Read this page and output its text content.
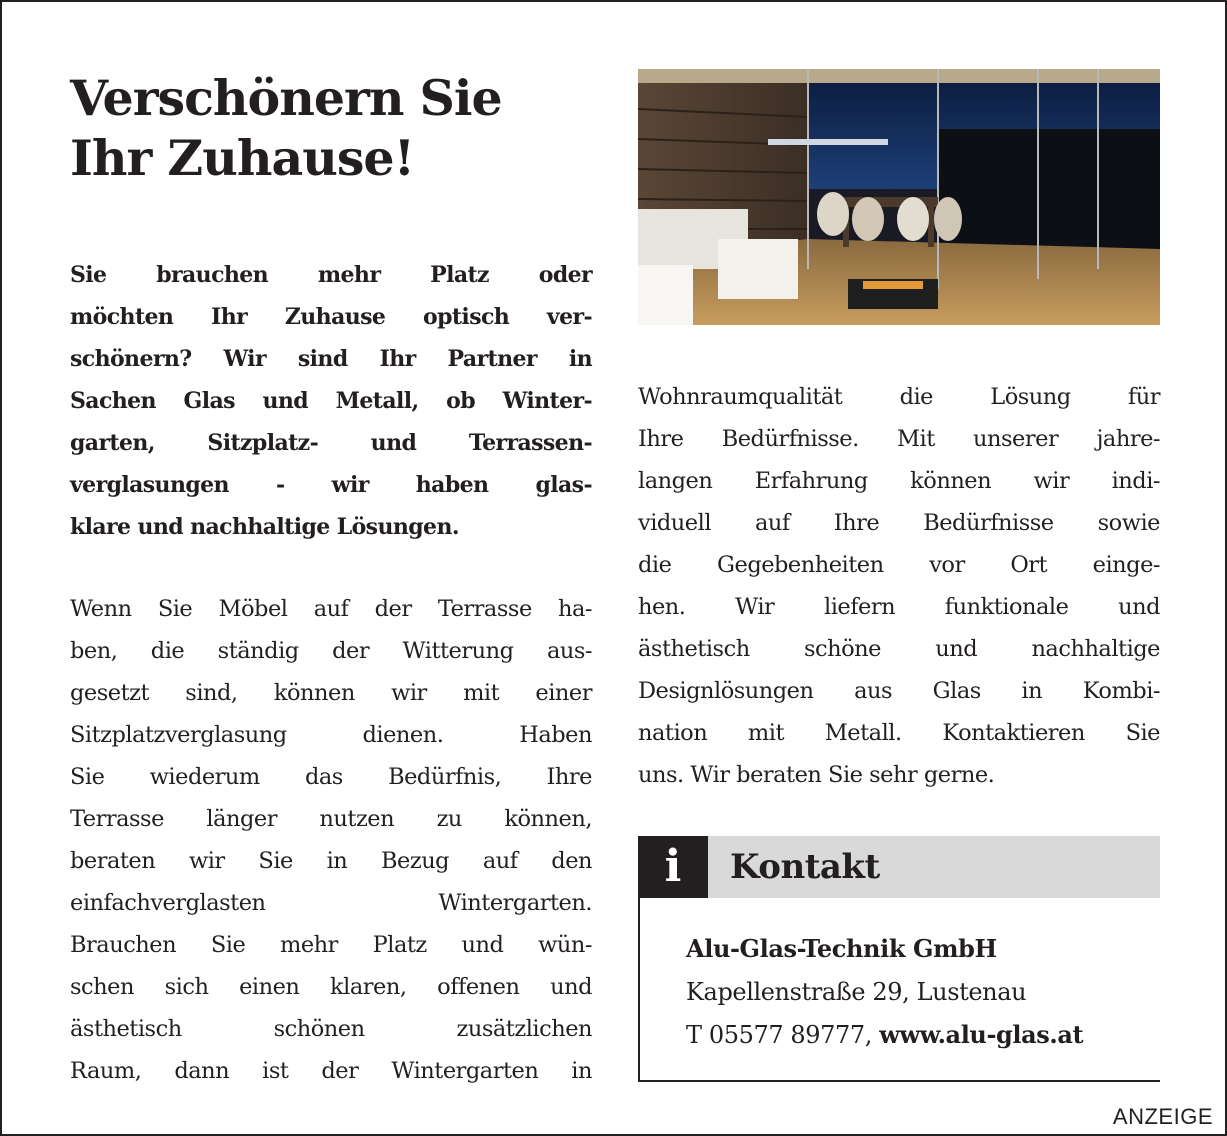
Verschönern Sie
Ihr Zuhause!
Sie brauchen mehr Platz oder
möchten Ihr Zuhause optisch ver-
schönern? Wir sind Ihr Partner in
Sachen Glas und Metall, ob Winter-
garten, Sitzplatz- und Terrassen-
verglasungen - wir haben glas-
klare und nachhaltige Lösungen.
Wenn Sie Möbel auf der Terrasse ha-
ben, die ständig der Witterung aus-
gesetzt sind, können wir mit einer
Sitzplatzverglasung dienen. Haben
Sie wiederum das Bedürfnis, Ihre
Terrasse länger nutzen zu können,
beraten wir Sie in Bezug auf den
einfachverglasten Wintergarten.
Brauchen Sie mehr Platz und wün-
schen sich einen klaren, offenen und
ästhetisch schönen zusätzlichen
Raum, dann ist der Wintergarten in
Wohnraumqualität die Lösung für
Ihre Bedürfnisse. Mit unserer jahre-
langen Erfahrung können wir indi-
viduell auf Ihre Bedürfnisse sowie
die Gegebenheiten vor Ort einge-
hen. Wir liefern funktionale und
ästhetisch schöne und nachhaltige
Designlösungen aus Glas in Kombi-
nation mit Metall. Kontaktieren Sie
uns. Wir beraten Sie sehr gerne.
i	Kontakt
Alu-Glas-Technik GmbH
Kapellenstraße 29, Lustenau
T 05577 89777, www.alu-glas.at
ANZEIGE
